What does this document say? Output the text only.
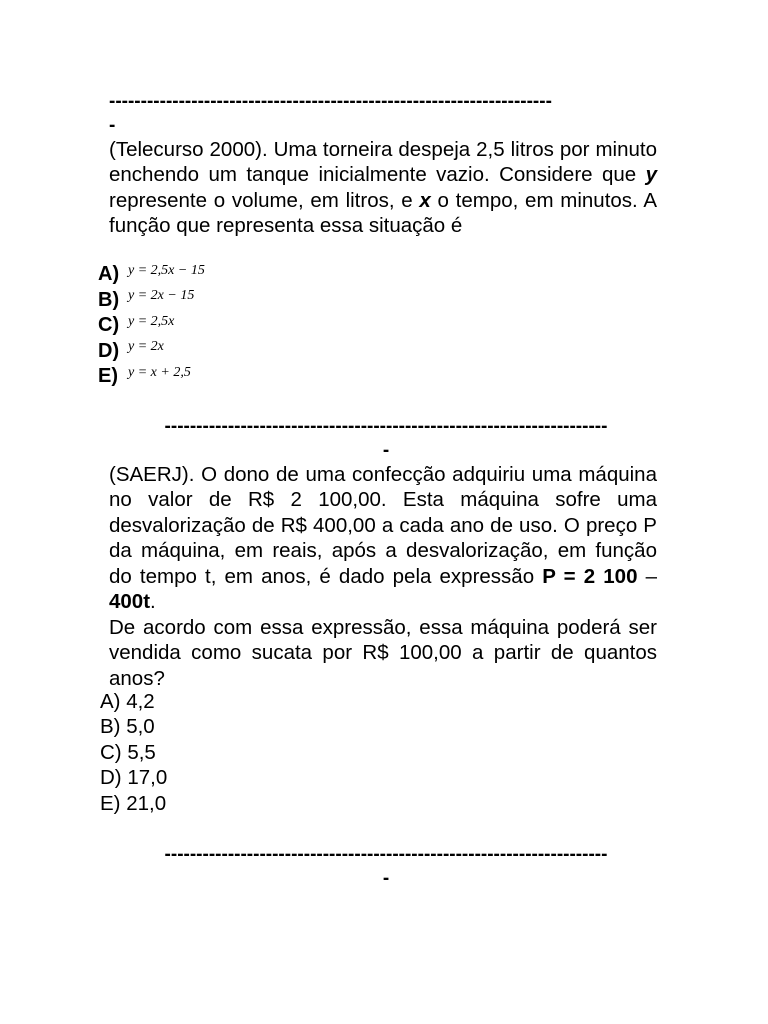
----------------------------------------------------------------------
-
(Telecurso 2000). Uma torneira despeja 2,5 litros por minuto enchendo um tanque inicialmente vazio. Considere que y represente o volume, em litros, e x o tempo, em minutos. A função que representa essa situação é
A) y = 2,5x − 15
B) y = 2x − 15
C) y = 2,5x
D) y = 2x
E) y = x + 2,5
----------------------------------------------------------------------
-
(SAERJ). O dono de uma confecção adquiriu uma máquina no valor de R$ 2 100,00. Esta máquina sofre uma desvalorização de R$ 400,00 a cada ano de uso. O preço P da máquina, em reais, após a desvalorização, em função do tempo t, em anos, é dado pela expressão P = 2 100 – 400t.
De acordo com essa expressão, essa máquina poderá ser vendida como sucata por R$ 100,00 a partir de quantos anos?
A) 4,2
B) 5,0
C) 5,5
D) 17,0
E) 21,0
----------------------------------------------------------------------
-
